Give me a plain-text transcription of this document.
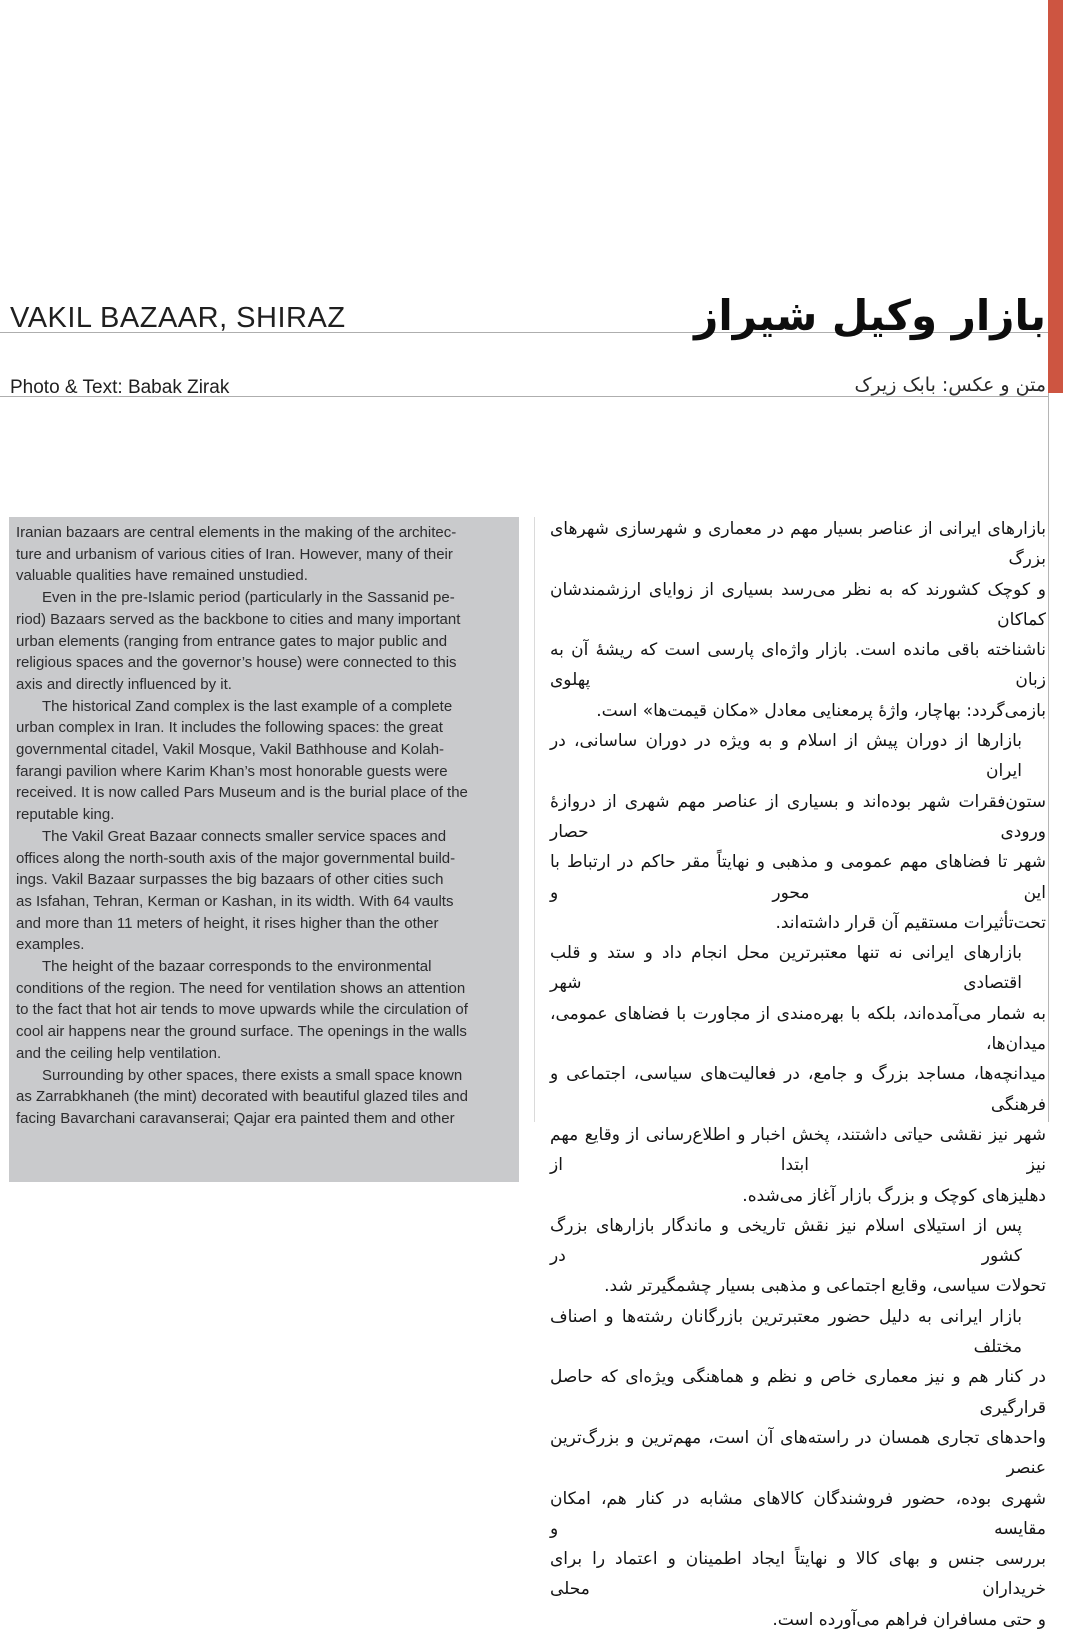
VAKIL BAZAAR, SHIRAZ	بازار وکیل شیراز
Photo & Text: Babak Zirak	متن و عکس: بابک زیرک
Iranian bazaars are central elements in the making of the architec-
ture and urbanism of various cities of Iran. However, many of their
valuable qualities have remained unstudied.
Even in the pre-Islamic period (particularly in the Sassanid pe-
riod) Bazaars served as the backbone to cities and many important
urban elements (ranging from entrance gates to major public and
religious spaces and the governor’s house) were connected to this
axis and directly influenced by it.
The historical Zand complex is the last example of a complete
urban complex in Iran. It includes the following spaces: the great
governmental citadel, Vakil Mosque, Vakil Bathhouse and Kolah-
farangi pavilion where Karim Khan’s most honorable guests were
received. It is now called Pars Museum and is the burial place of the
reputable king.
The Vakil Great Bazaar connects smaller service spaces and
offices along the north-south axis of the major governmental build-
ings. Vakil Bazaar surpasses the big bazaars of other cities such
as Isfahan, Tehran, Kerman or Kashan, in its width. With 64 vaults
and more than 11 meters of height, it rises higher than the other
examples.
The height of the bazaar corresponds to the environmental
conditions of the region. The need for ventilation shows an attention
to the fact that hot air tends to move upwards while the circulation of
cool air happens near the ground surface. The openings in the walls
and the ceiling help ventilation.
Surrounding by other spaces, there exists a small space known
as Zarrabkhaneh (the mint) decorated with beautiful glazed tiles and
facing Bavarchani caravanserai; Qajar era painted them and other
بازارهای ایرانی از عناصر بسیار مهم در معماری و شهرسازی شهرهای بزرگ
و کوچک کشورند که به نظر می‌رسد بسیاری از زوایای ارزشمندشان کماکان
ناشناخته باقی مانده است. بازار واژه‌ای پارسی است که ریشهٔ آن به زبان پهلوی
بازمی‌گردد: بهاچار، واژهٔ پرمعنایی معادل «مکان قیمت‌ها» است.
بازارها از دوران پیش از اسلام و به ویژه در دوران ساسانی، در ایران
ستون‌فقرات شهر بوده‌اند و بسیاری از عناصر مهم شهری از دروازهٔ ورودی حصار
شهر تا فضاهای مهم عمومی و مذهبی و نهایتاً مقر حاکم در ارتباط با این محور و
تحت‌تأثیرات مستقیم آن قرار داشته‌اند.
بازارهای ایرانی نه تنها معتبرترین محل انجام داد و ستد و قلب اقتصادی شهر
به شمار می‌آمده‌اند، بلکه با بهره‌مندی از مجاورت با فضاهای عمومی، میدان‌ها،
میدانچه‌ها، مساجد بزرگ و جامع، در فعالیت‌های سیاسی، اجتماعی و فرهنگی
شهر نیز نقشی حیاتی داشتند، پخش اخبار و اطلاع‌رسانی از وقایع مهم نیز ابتدا از
دهلیزهای کوچک و بزرگ بازار آغاز می‌شده.
پس از استیلای اسلام نیز نقش تاریخی و ماندگار بازارهای بزرگ کشور در
تحولات سیاسی، وقایع اجتماعی و مذهبی بسیار چشمگیرتر شد.
بازار ایرانی به دلیل حضور معتبرترین بازرگانان رشته‌ها و اصناف مختلف
در کنار هم و نیز معماری خاص و نظم و هماهنگی ویژه‌ای که حاصل قرارگیری
واحدهای تجاری همسان در راسته‌های آن است، مهم‌ترین و بزرگ‌ترین عنصر
شهری بوده، حضور فروشندگان کالاهای مشابه در کنار هم، امکان مقایسه و
بررسی جنس و بهای کالا و نهایتاً ایجاد اطمینان و اعتماد را برای خریداران محلی
و حتی مسافران فراهم می‌آورده است.
